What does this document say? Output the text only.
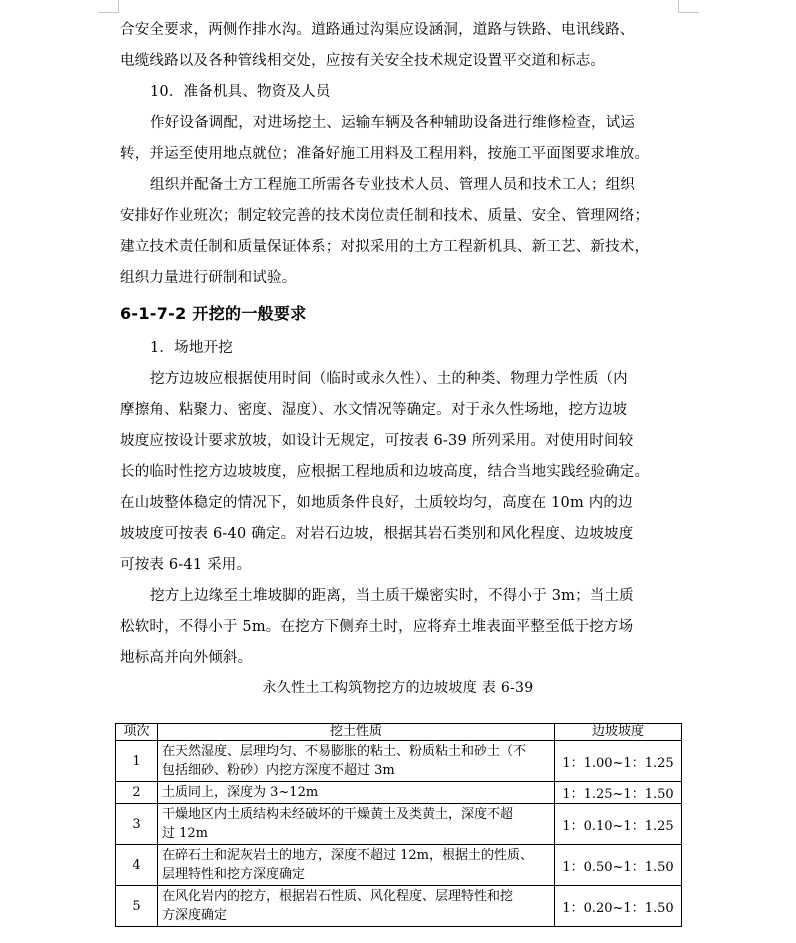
合安全要求，两侧作排水沟。道路通过沟渠应设涵洞，道路与铁路、电讯线路、
电缆线路以及各种管线相交处，应按有关安全技术规定设置平交道和标志。

10．准备机具、物资及人员

作好设备调配，对进场挖土、运输车辆及各种辅助设备进行维修检查，试运
转，并运至使用地点就位；准备好施工用料及工程用料，按施工平面图要求堆放。

组织并配备土方工程施工所需各专业技术人员、管理人员和技术工人；组织
安排好作业班次；制定较完善的技术岗位责任制和技术、质量、安全、管理网络；
建立技术责任制和质量保证体系；对拟采用的土方工程新机具、新工艺、新技术，
组织力量进行研制和试验。

6-1-7-2 开挖的一般要求

1．场地开挖

挖方边坡应根据使用时间（临时或永久性）、土的种类、物理力学性质（内
摩擦角、粘聚力、密度、湿度）、水文情况等确定。对于永久性场地，挖方边坡
坡度应按设计要求放坡，如设计无规定，可按表 6-39 所列采用。对使用时间较
长的临时性挖方边坡坡度，应根据工程地质和边坡高度，结合当地实践经验确定。
在山坡整体稳定的情况下，如地质条件良好，土质较均匀，高度在 10m 内的边
坡坡度可按表 6-40 确定。对岩石边坡，根据其岩石类别和风化程度、边坡坡度
可按表 6-41 采用。

挖方上边缘至土堆坡脚的距离，当土质干燥密实时，不得小于 3m；当土质
松软时，不得小于 5m。在挖方下侧弃土时，应将弃土堆表面平整至低于挖方场
地标高并向外倾斜。

永久性土工构筑物挖方的边坡坡度 表 6-39
项次	挖土性质	边坡坡度
1	在天然湿度、层理均匀、不易膨胀的粘土、粉质粘土和砂土（不
包括细砂、粉砂）内挖方深度不超过 3m	1：1.00~1：1.25
2	土质同上，深度为 3~12m	1：1.25~1：1.50
3	干燥地区内土质结构未经破坏的干燥黄土及类黄土，深度不超
过 12m	1：0.10~1：1.25
4	在碎石土和泥灰岩土的地方，深度不超过 12m，根据土的性质、
层理特性和挖方深度确定	1：0.50~1：1.50
5	在风化岩内的挖方，根据岩石性质、风化程度、层理特性和挖
方深度确定	1：0.20~1：1.50
